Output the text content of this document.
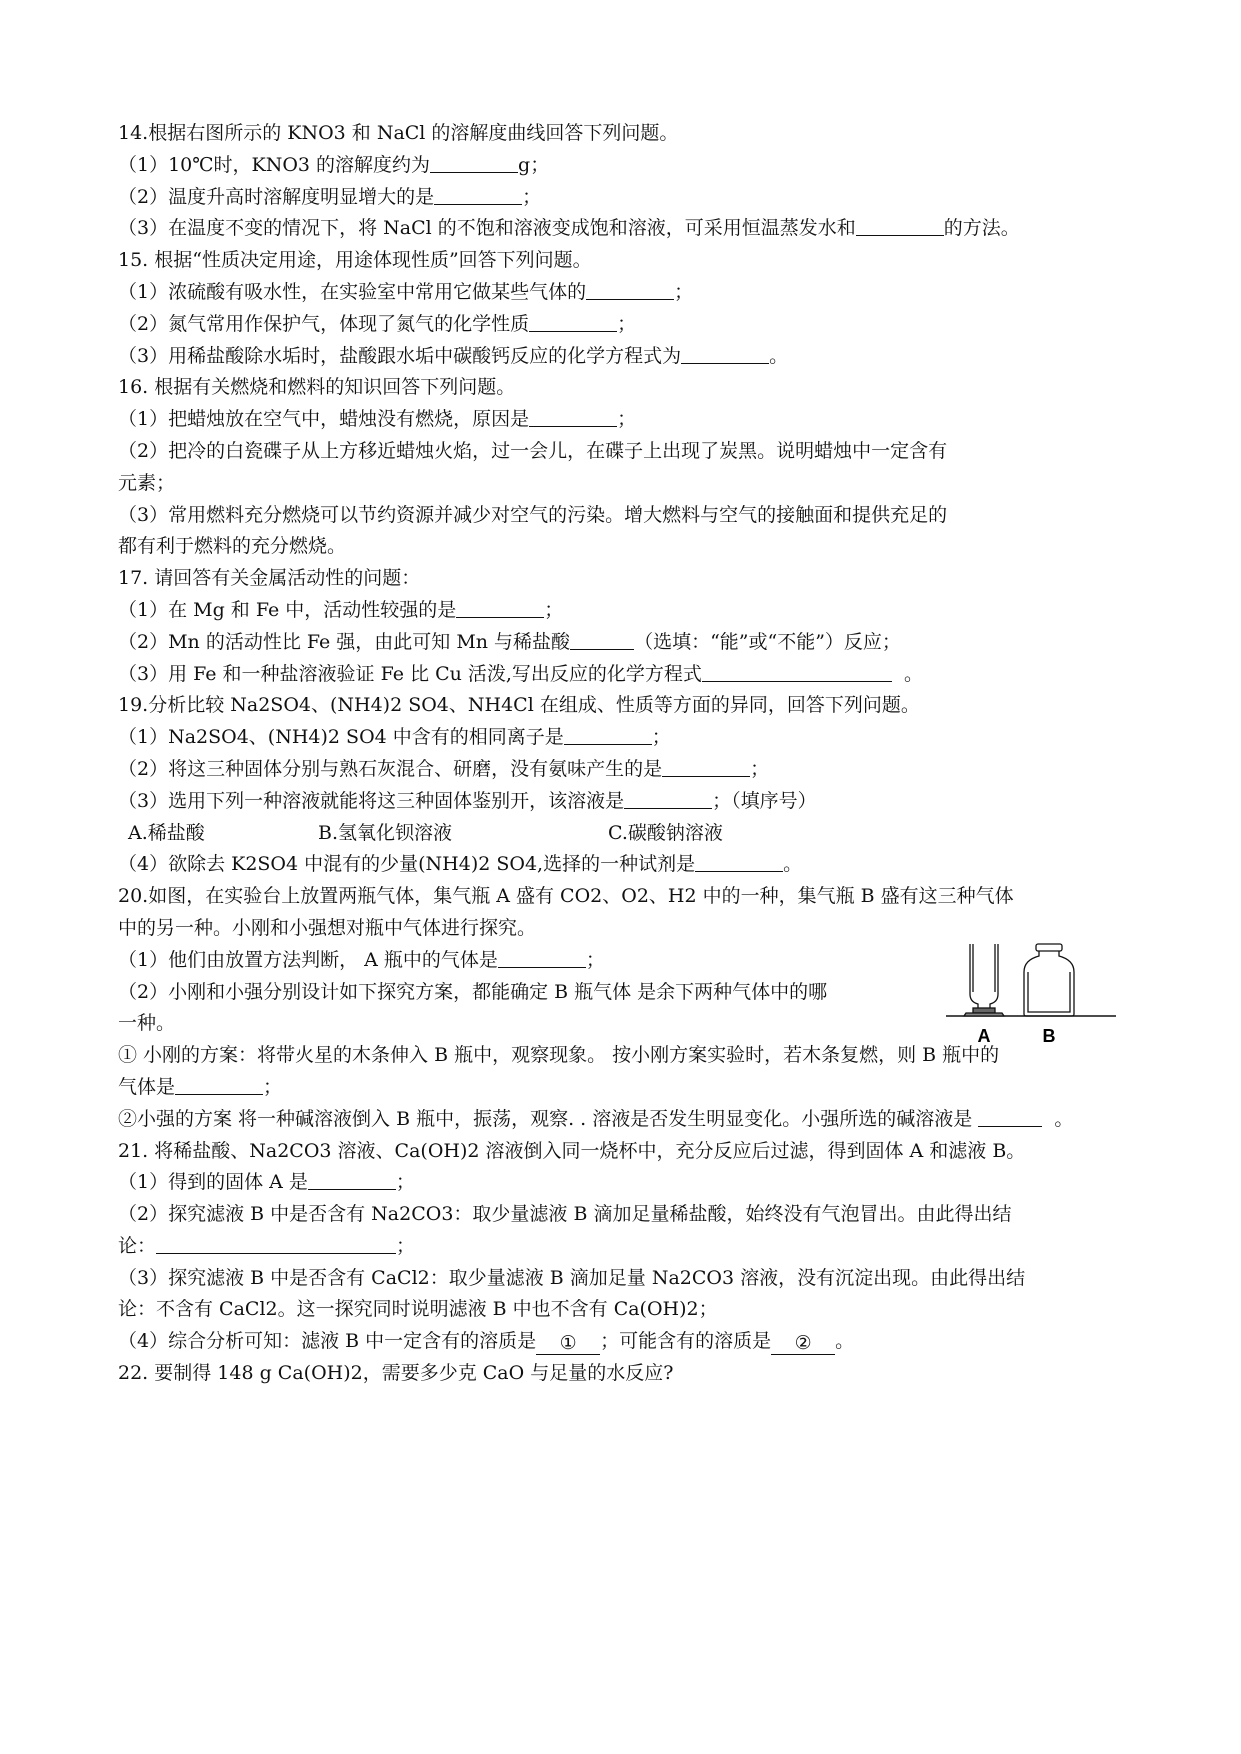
14.根据右图所示的 KNO3 和 NaCl 的溶解度曲线回答下列问题。
（1）10℃时，KNO3 的溶解度约为	g；
（2）温度升高时溶解度明显增大的是	；
（3）在温度不变的情况下，将 NaCl 的不饱和溶液变成饱和溶液，可采用恒温蒸发水和	的方法。
15. 根据“性质决定用途，用途体现性质”回答下列问题。
（1）浓硫酸有吸水性，在实验室中常用它做某些气体的	；
（2）氮气常用作保护气，体现了氮气的化学性质	；
（3）用稀盐酸除水垢时，盐酸跟水垢中碳酸钙反应的化学方程式为	。
16. 根据有关燃烧和燃料的知识回答下列问题。
（1）把蜡烛放在空气中，蜡烛没有燃烧，原因是	；
（2）把冷的白瓷碟子从上方移近蜡烛火焰，过一会儿，在碟子上出现了炭黑。说明蜡烛中一定含有
元素；
（3）常用燃料充分燃烧可以节约资源并减少对空气的污染。增大燃料与空气的接触面和提供充足的
都有利于燃料的充分燃烧。
17. 请回答有关金属活动性的问题：
（1）在 Mg 和 Fe 中，活动性较强的是	；
（2）Mn 的活动性比 Fe 强，由此可知 Mn 与稀盐酸	（选填：“能”或“不能”）反应；
（3）用 Fe 和一种盐溶液验证 Fe 比 Cu 活泼,写出反应的化学方程式	。
19.分析比较 Na2SO4、(NH4)2 SO4、NH4Cl 在组成、性质等方面的异同，回答下列问题。
（1）Na2SO4、(NH4)2 SO4 中含有的相同离子是	；
（2）将这三种固体分别与熟石灰混合、研磨，没有氨味产生的是	；
（3）选用下列一种溶液就能将这三种固体鉴别开，该溶液是	；（填序号）
A.稀盐酸	B.氢氧化钡溶液	C.碳酸钠溶液
（4）欲除去 K2SO4 中混有的少量(NH4)2 SO4,选择的一种试剂是	。
20.如图，在实验台上放置两瓶气体，集气瓶 A 盛有 CO2、O2、H2 中的一种，集气瓶 B 盛有这三种气体
中的另一种。小刚和小强想对瓶中气体进行探究。
（1）他们由放置方法判断， A 瓶中的气体是	；
（2）小刚和小强分别设计如下探究方案，都能确定 B 瓶气体 是余下两种气体中的哪
一种。
① 小刚的方案：将带火星的木条伸入 B 瓶中，观察现象。 按小刚方案实验时，若木条复燃，则 B 瓶中的
气体是	；
②小强的方案 将一种碱溶液倒入 B 瓶中，振荡，观察. . 溶液是否发生明显变化。小强所选的碱溶液是	。
21. 将稀盐酸、Na2CO3 溶液、Ca(OH)2 溶液倒入同一烧杯中，充分反应后过滤，得到固体 A 和滤液 B。
（1）得到的固体 A 是	；
（2）探究滤液 B 中是否含有 Na2CO3：取少量滤液 B 滴加足量稀盐酸，始终没有气泡冒出。由此得出结
论：	；
（3）探究滤液 B 中是否含有 CaCl2：取少量滤液 B 滴加足量 Na2CO3 溶液，没有沉淀出现。由此得出结
论：不含有 CaCl2。这一探究同时说明滤液 B 中也不含有 Ca(OH)2；
（4）综合分析可知：滤液 B 中一定含有的溶质是 ① ；可能含有的溶质是 ② 。
22. 要制得 148 g Ca(OH)2，需要多少克 CaO 与足量的水反应?
A	B
